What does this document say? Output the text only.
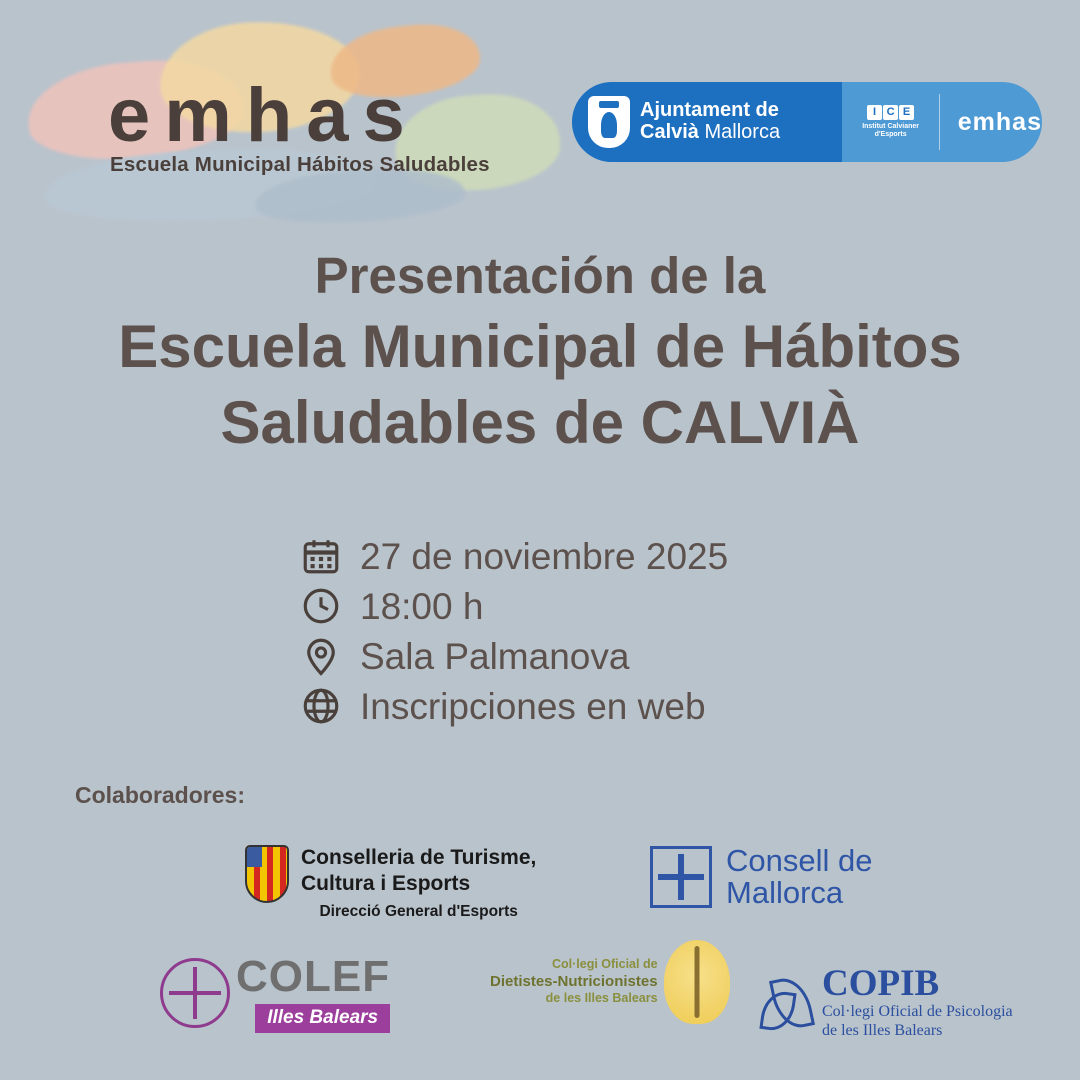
emhas
Escuela Municipal Hábitos Saludables
Ajuntament de
Calvià Mallorca
I C E
Institut Calvianer
d'Esports	emhas
Presentación de la
Escuela Municipal de Hábitos
Saludables de CALVIÀ
27 de noviembre 2025
18:00 h
Sala Palmanova
Inscripciones en web
Colaboradores:
Conselleria de Turisme,
Cultura i Esports
Direcció General d'Esports
Consell de
Mallorca
COLEF
Illes Balears
Col·legi Oficial de
Dietistes-Nutricionistes
de les Illes Balears	COPIB
Col·legi Oficial de Psicologia
de les Illes Balears
